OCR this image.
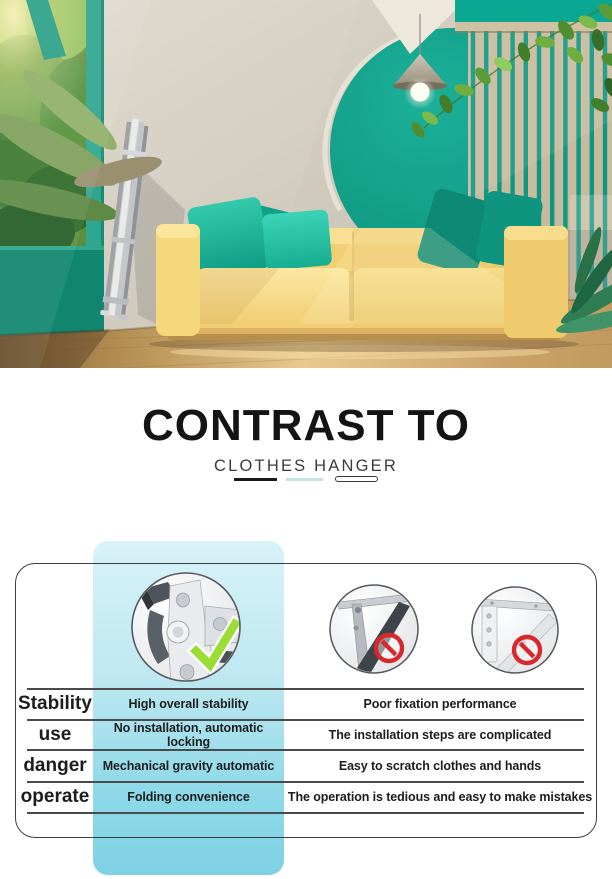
CONTRAST TO
CLOTHES HANGER
Stability	High overall stability	Poor fixation performance
use	No installation, automatic locking	The installation steps are complicated
danger	Mechanical gravity automatic	Easy to scratch clothes and hands
operate	Folding convenience	The operation is tedious and easy to make mistakes
